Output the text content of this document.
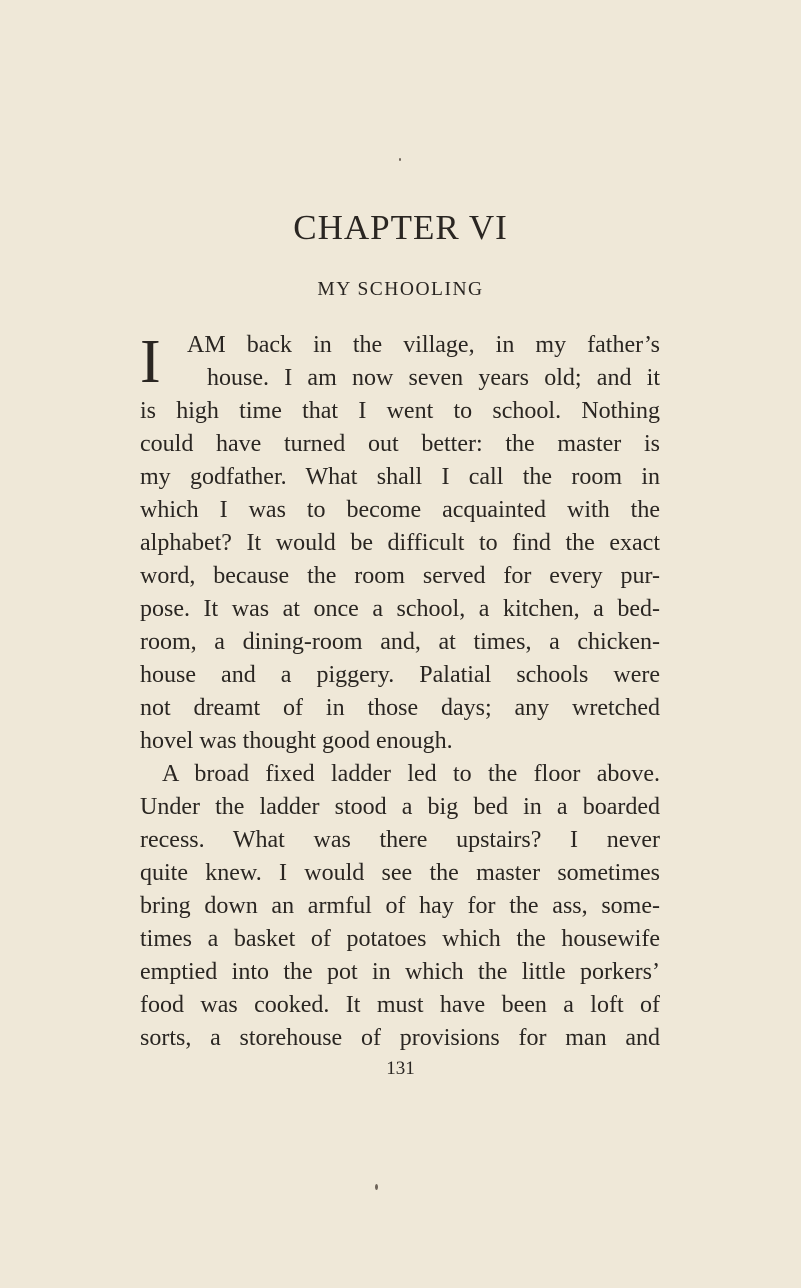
CHAPTER VI
MY SCHOOLING
I AM back in the village, in my father’s
house. I am now seven years old; and it
is high time that I went to school. Nothing
could have turned out better: the master is
my godfather. What shall I call the room in
which I was to become acquainted with the
alphabet? It would be difficult to find the exact
word, because the room served for every pur-
pose. It was at once a school, a kitchen, a bed-
room, a dining-room and, at times, a chicken-
house and a piggery. Palatial schools were
not dreamt of in those days; any wretched
hovel was thought good enough.
A broad fixed ladder led to the floor above.
Under the ladder stood a big bed in a boarded
recess. What was there upstairs? I never
quite knew. I would see the master sometimes
bring down an armful of hay for the ass, some-
times a basket of potatoes which the housewife
emptied into the pot in which the little porkers’
food was cooked. It must have been a loft of
sorts, a storehouse of provisions for man and
131
